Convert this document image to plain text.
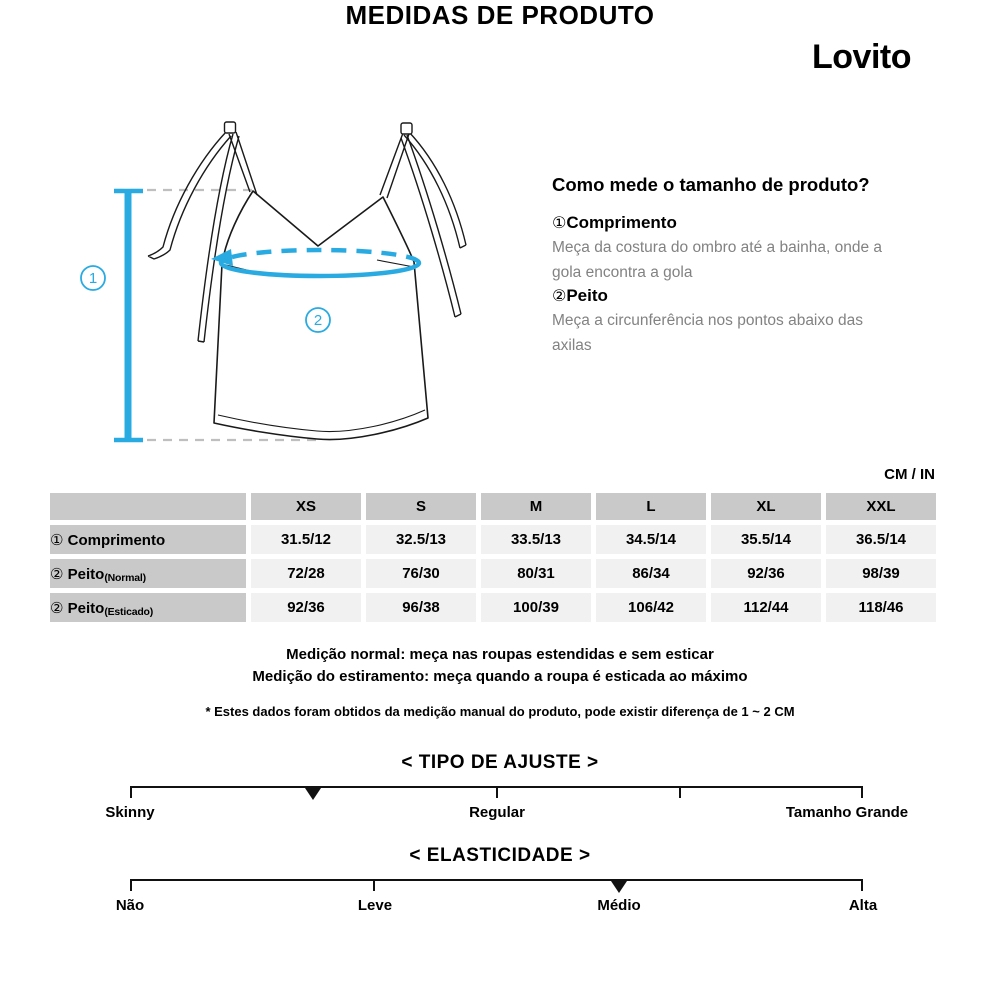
MEDIDAS DE PRODUTO
Lovito
1
2
Como mede o tamanho de produto?
①Comprimento
Meça da costura do ombro até a bainha, onde a
gola encontra a gola
②Peito
Meça a circunferência nos pontos abaixo das
axilas
CM / IN
	XS	S	M	L	XL	XXL
① Comprimento	31.5/12	32.5/13	33.5/13	34.5/14	35.5/14	36.5/14
② Peito(Normal)	72/28	76/30	80/31	86/34	92/36	98/39
② Peito(Esticado)	92/36	96/38	100/39	106/42	112/44	118/46
Medição normal: meça nas roupas estendidas e sem esticar
Medição do estiramento: meça quando a roupa é esticada ao máximo
* Estes dados foram obtidos da medição manual do produto, pode existir diferença de 1 ~ 2 CM
< TIPO DE AJUSTE >
Skinny	Regular	Tamanho Grande
< ELASTICIDADE >
Não	Leve	Médio	Alta
